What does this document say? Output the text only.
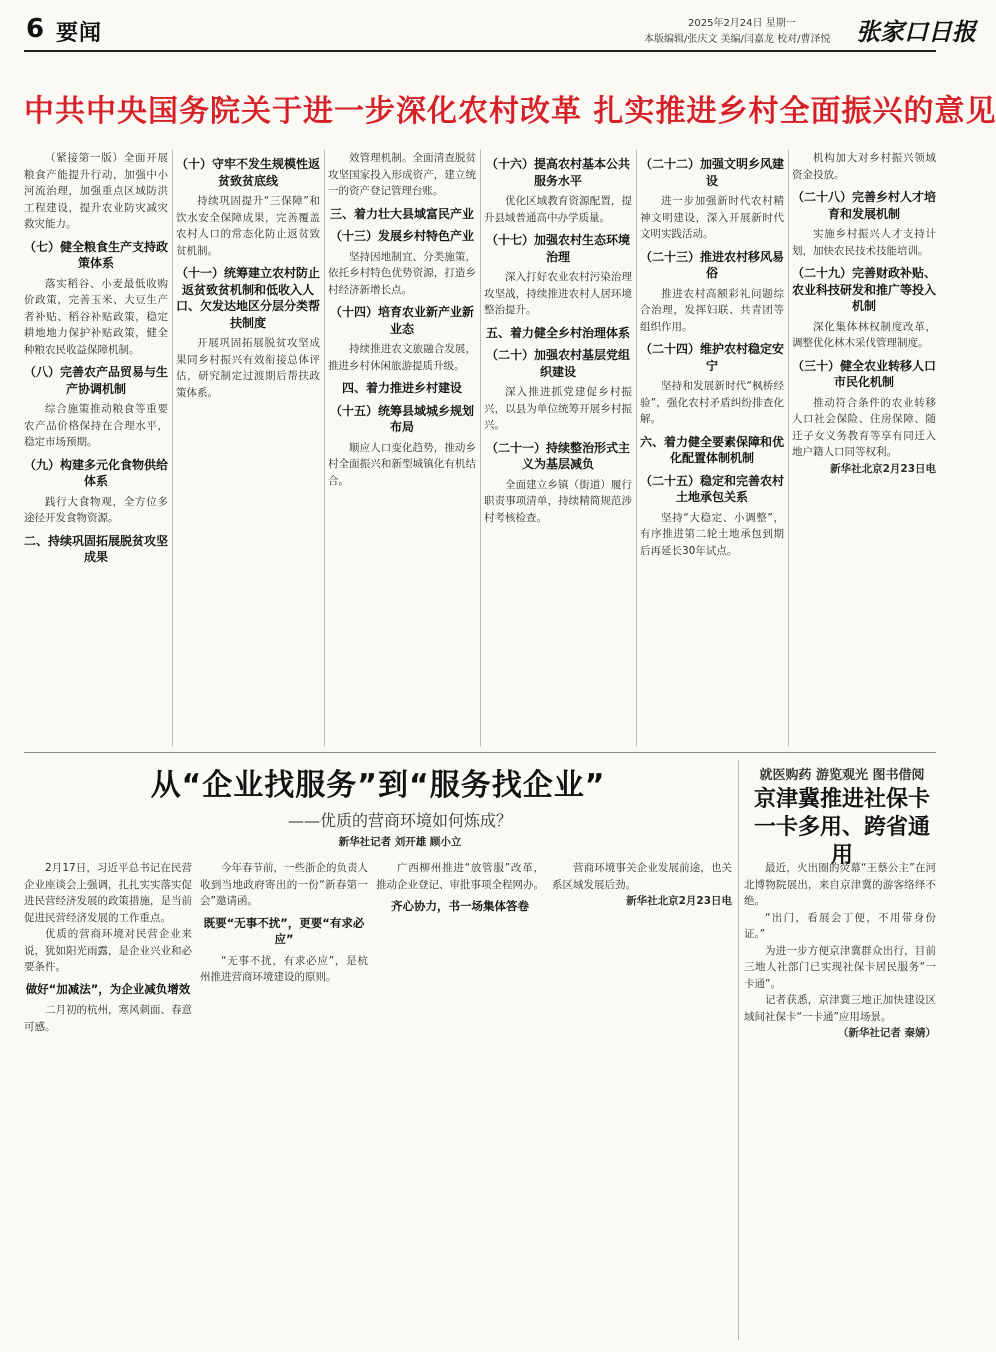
6 要闻	2025年2月24日 星期一
本版编辑/张庆文 美编/闫嘉龙 校对/曹泽悦	张家口日报
中共中央国务院关于进一步深化农村改革 扎实推进乡村全面振兴的意见

（紧接第一版）全面开展粮食产能提升行动，加强中小河流治理，加强重点区域防洪工程建设，提升农业防灾减灾救灾能力。

（七）健全粮食生产支持政策体系

落实稻谷、小麦最低收购价政策，完善玉米、大豆生产者补贴、稻谷补贴政策，稳定耕地地力保护补贴政策，健全种粮农民收益保障机制。

（八）完善农产品贸易与生产协调机制

综合施策推动粮食等重要农产品价格保持在合理水平，稳定市场预期。

（九）构建多元化食物供给体系

践行大食物观，全方位多途径开发食物资源。

二、持续巩固拓展脱贫攻坚成果

（十）守牢不发生规模性返贫致贫底线

持续巩固提升“三保障”和饮水安全保障成果，完善覆盖农村人口的常态化防止返贫致贫机制。

（十一）统筹建立农村防止返贫致贫机制和低收入人口、欠发达地区分层分类帮扶制度

开展巩固拓展脱贫攻坚成果同乡村振兴有效衔接总体评估，研究制定过渡期后帮扶政策体系。

效管理机制。全面清查脱贫攻坚国家投入形成资产，建立统一的资产登记管理台账。

三、着力壮大县域富民产业

（十三）发展乡村特色产业

坚持因地制宜、分类施策，依托乡村特色优势资源，打造乡村经济新增长点。

（十四）培育农业新产业新业态

持续推进农文旅融合发展，推进乡村休闲旅游提质升级。

四、着力推进乡村建设

（十五）统筹县域城乡规划布局

顺应人口变化趋势，推动乡村全面振兴和新型城镇化有机结合。

（十六）提高农村基本公共服务水平

优化区域教育资源配置，提升县域普通高中办学质量。

（十七）加强农村生态环境治理

深入打好农业农村污染治理攻坚战，持续推进农村人居环境整治提升。

五、着力健全乡村治理体系

（二十）加强农村基层党组织建设

深入推进抓党建促乡村振兴，以县为单位统筹开展乡村振兴。

（二十一）持续整治形式主义为基层减负

全面建立乡镇（街道）履行职责事项清单，持续精简规范涉村考核检查。

（二十二）加强文明乡风建设

进一步加强新时代农村精神文明建设，深入开展新时代文明实践活动。

（二十三）推进农村移风易俗

推进农村高额彩礼问题综合治理，发挥妇联、共青团等组织作用。

（二十四）维护农村稳定安宁

坚持和发展新时代“枫桥经验”，强化农村矛盾纠纷排查化解。

六、着力健全要素保障和优化配置体制机制

（二十五）稳定和完善农村土地承包关系

坚持“大稳定、小调整”，有序推进第二轮土地承包到期后再延长30年试点。

机构加大对乡村振兴领域资金投放。

（二十八）完善乡村人才培育和发展机制

实施乡村振兴人才支持计划，加快农民技术技能培训。

（二十九）完善财政补贴、农业科技研发和推广等投入机制

深化集体林权制度改革，调整优化林木采伐管理制度。

（三十）健全农业转移人口市民化机制

推动符合条件的农业转移人口社会保险、住房保障、随迁子女义务教育等享有同迁入地户籍人口同等权利。

新华社北京2月23日电

从“企业找服务”到“服务找企业”
——优质的营商环境如何炼成？
新华社记者 刘开雄 顾小立

2月17日，习近平总书记在民营企业座谈会上强调，扎扎实实落实促进民营经济发展的政策措施，是当前促进民营经济发展的工作重点。

优质的营商环境对民营企业来说，犹如阳光雨露，是企业兴业和必要条件。

做好“加减法”，为企业减负增效

二月初的杭州，寒风刺面、春意可感。

今年春节前，一些浙企的负责人收到当地政府寄出的一份“新春第一会”邀请函。

既要“无事不扰”，更要“有求必应”

“无事不扰，有求必应”，是杭州推进营商环境建设的原则。

广西柳州推进“放管服”改革，推动企业登记、审批事项全程网办。

齐心协力，书一场集体答卷

营商环境事关企业发展前途，也关系区域发展后劲。

新华社北京2月23日电

就医购药 游览观光 图书借阅
京津冀推进社保卡一卡多用、跨省通用

最近，火出圈的荧幕“王蔡公主”在河北博物院展出，来自京津冀的游客络绎不绝。

“出门，看展会丁便，不用带身份证。”

为进一步方便京津冀群众出行，目前三地人社部门已实现社保卡居民服务“一卡通”。

记者获悉，京津冀三地正加快建设区域间社保卡“一卡通”应用场景。

（新华社记者 秦婧）
